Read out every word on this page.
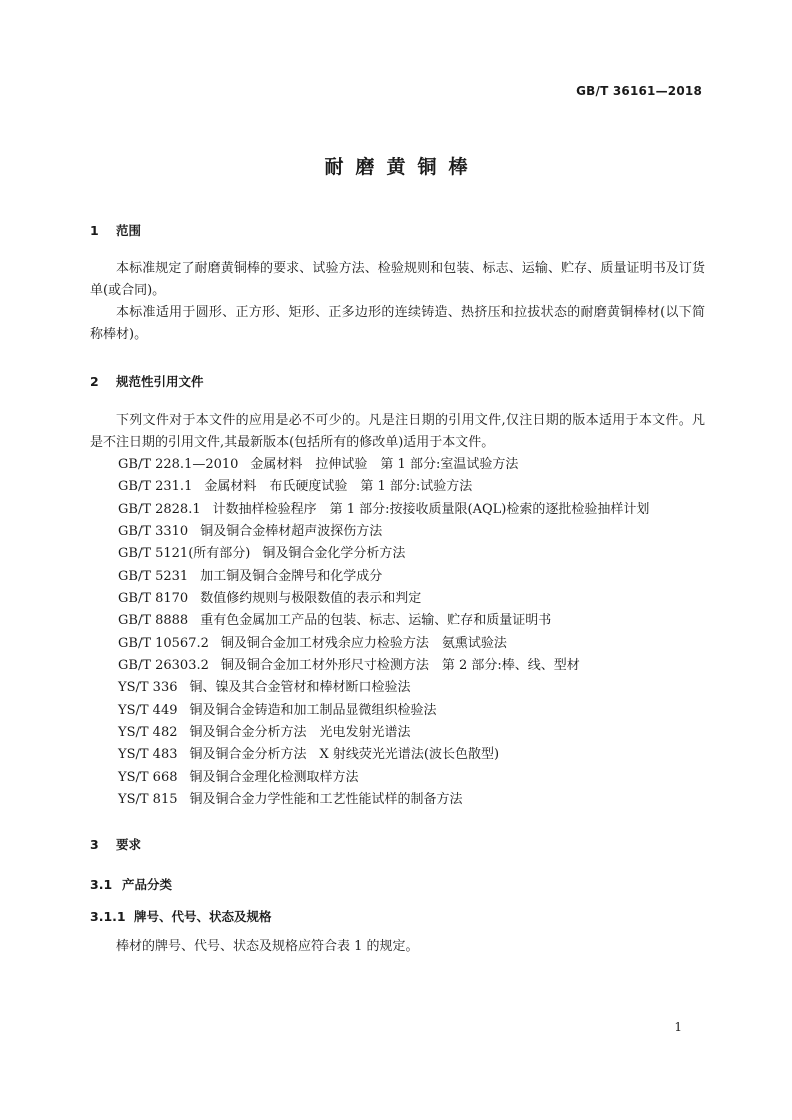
GB/T 36161—2018
耐磨黄铜棒
1 范围
本标准规定了耐磨黄铜棒的要求、试验方法、检验规则和包装、标志、运输、贮存、质量证明书及订货单(或合同)。
本标准适用于圆形、正方形、矩形、正多边形的连续铸造、热挤压和拉拔状态的耐磨黄铜棒材(以下简称棒材)。
2 规范性引用文件
下列文件对于本文件的应用是必不可少的。凡是注日期的引用文件,仅注日期的版本适用于本文件。凡是不注日期的引用文件,其最新版本(包括所有的修改单)适用于本文件。
GB/T 228.1—2010 金属材料　拉伸试验　第 1 部分:室温试验方法
GB/T 231.1 金属材料　布氏硬度试验　第 1 部分:试验方法
GB/T 2828.1 计数抽样检验程序　第 1 部分:按接收质量限(AQL)检索的逐批检验抽样计划
GB/T 3310 铜及铜合金棒材超声波探伤方法
GB/T 5121(所有部分) 铜及铜合金化学分析方法
GB/T 5231 加工铜及铜合金牌号和化学成分
GB/T 8170 数值修约规则与极限数值的表示和判定
GB/T 8888 重有色金属加工产品的包装、标志、运输、贮存和质量证明书
GB/T 10567.2 铜及铜合金加工材残余应力检验方法　氨熏试验法
GB/T 26303.2 铜及铜合金加工材外形尺寸检测方法　第 2 部分:棒、线、型材
YS/T 336 铜、镍及其合金管材和棒材断口检验法
YS/T 449 铜及铜合金铸造和加工制品显微组织检验法
YS/T 482 铜及铜合金分析方法　光电发射光谱法
YS/T 483 铜及铜合金分析方法　X 射线荧光光谱法(波长色散型)
YS/T 668 铜及铜合金理化检测取样方法
YS/T 815 铜及铜合金力学性能和工艺性能试样的制备方法
3 要求
3.1 产品分类
3.1.1 牌号、代号、状态及规格
棒材的牌号、代号、状态及规格应符合表 1 的规定。
1
